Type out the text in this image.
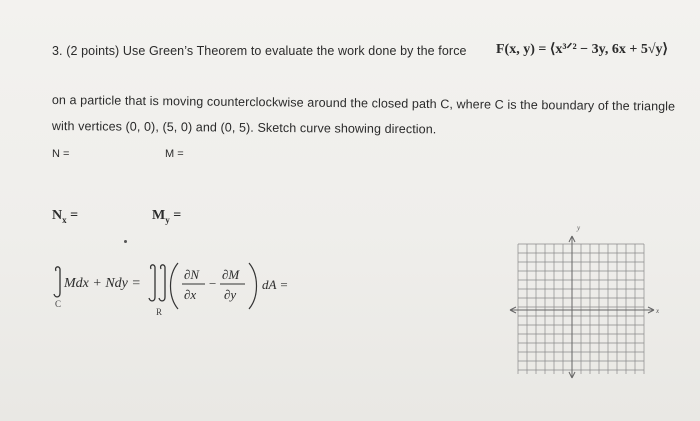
3. (2 points) Use Green’s Theorem to evaluate the work done by the force F(x, y) = ⟨x³ᐟ² − 3y, 6x + 5√y⟩
on a particle that is moving counterclockwise around the closed path C, where C is the boundary of the triangle
with vertices (0, 0), (5, 0) and (0, 5). Sketch curve showing direction.
N =	M =
$N_x$ =	$M_y$ =
Mdx + Ndy =
C
R
∂N
∂x
−
∂M
∂y
dA =
y
x
